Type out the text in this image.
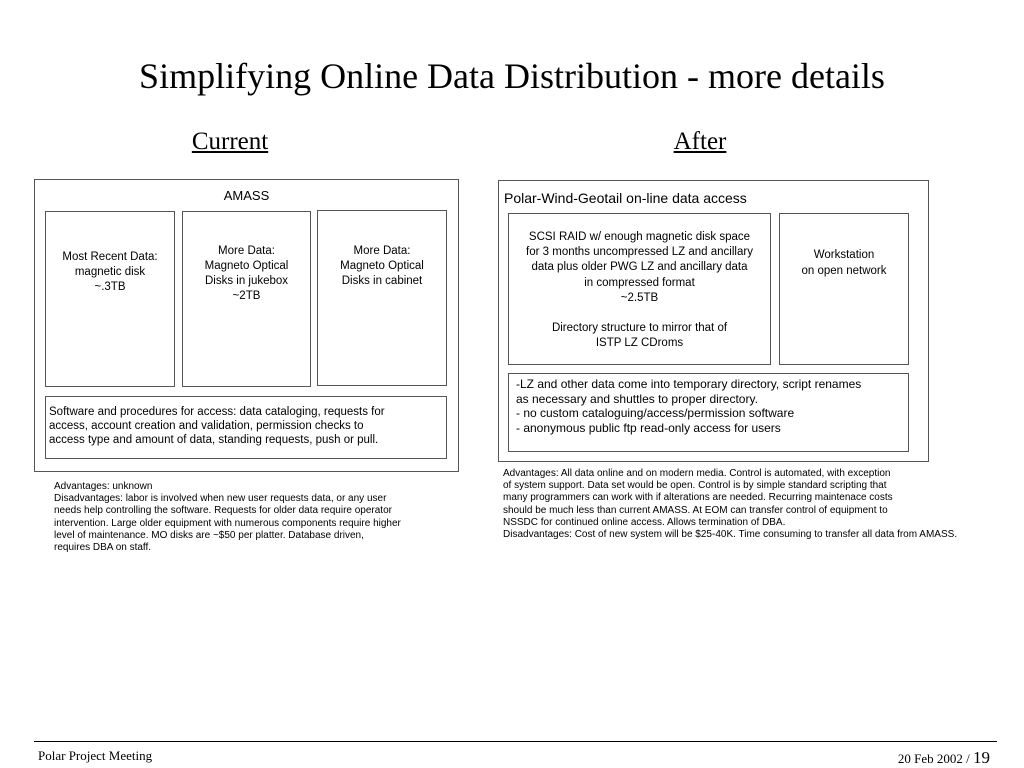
Simplifying Online Data Distribution - more details
Current	After
AMASS
Most Recent Data:
magnetic disk
~.3TB
More Data:
Magneto Optical
Disks in jukebox
~2TB
More Data:
Magneto Optical
Disks in cabinet
Software and procedures for access: data cataloging, requests for
access, account creation and validation, permission checks to
access type and amount of data, standing requests, push or pull.
Advantages: unknown
Disadvantages: labor is involved when new user requests data, or any user
needs help controlling the software. Requests for older data require operator
intervention. Large older equipment with numerous components require higher
level of maintenance. MO disks are ~$50 per platter. Database driven,
requires DBA on staff.
Polar-Wind-Geotail on-line data access
SCSI RAID w/ enough magnetic disk space
for 3 months uncompressed LZ and ancillary
data plus older PWG LZ and ancillary data
in compressed format
~2.5TB

Directory structure to mirror that of
ISTP LZ CDroms
Workstation
on open network
-LZ and other data come into temporary directory, script renames
as necessary and shuttles to proper directory.
- no custom cataloguing/access/permission software
- anonymous public ftp read-only access for users
Advantages: All data online and on modern media. Control is automated, with exception
of system support. Data set would be open. Control is by simple standard scripting that
many programmers can work with if alterations are needed. Recurring maintenace costs
should be much less than current AMASS. At EOM can transfer control of equipment to
NSSDC for continued online access. Allows termination of DBA.
Disadvantages: Cost of new system will be $25-40K. Time consuming to transfer all data from AMASS.
Polar Project Meeting	20 Feb 2002 / 19
